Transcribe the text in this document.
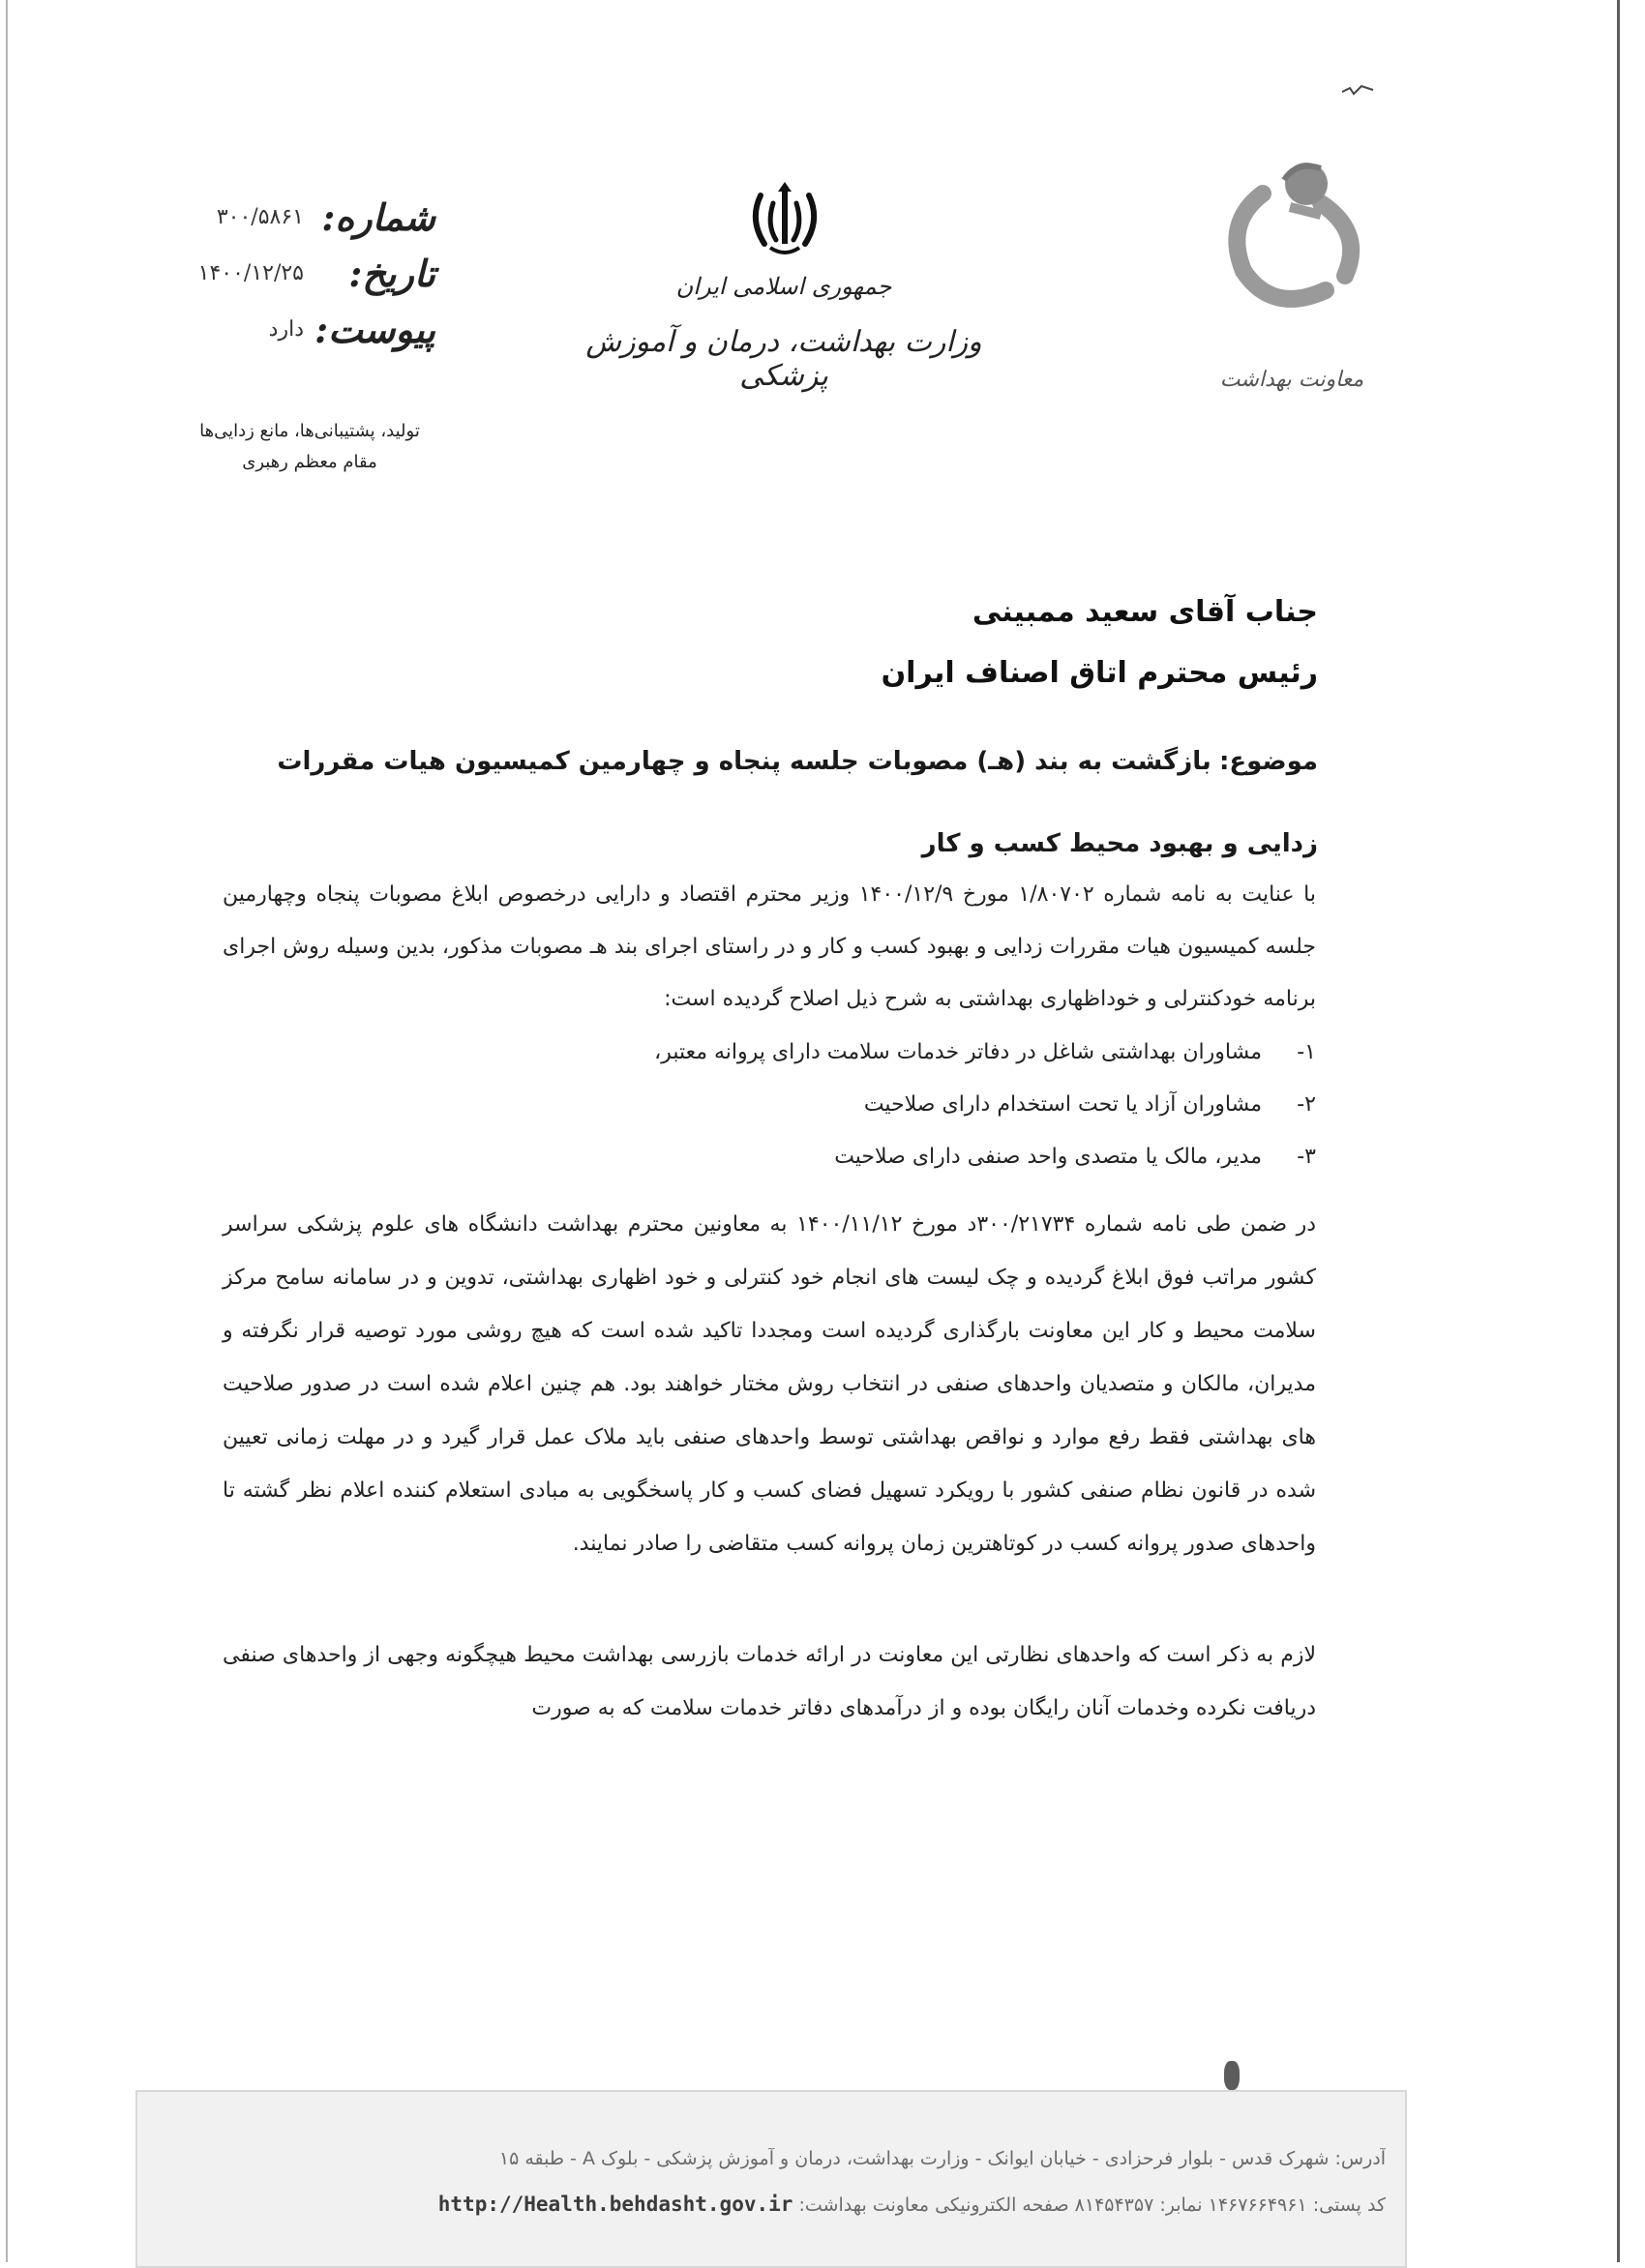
شماره:
۳۰۰/۵۸۶۱
تاریخ:
۱۴۰۰/۱۲/۲۵
پیوست:
دارد
تولید، پشتیبانی‌ها، مانع زدایی‌ها
مقام معظم رهبری
جمهوری اسلامی ایران
وزارت بهداشت، درمان و آموزش پزشکی	معاونت بهداشت
جناب آقای سعید ممبینی
رئیس محترم اتاق اصناف ایران
موضوع: بازگشت به بند (هـ) مصوبات جلسه پنجاه و چهارمین کمیسیون هیات مقررات زدایی و بهبود محیط کسب و کار
با عنایت به نامه شماره ۱/۸۰۷۰۲ مورخ ۱۴۰۰/۱۲/۹ وزیر محترم اقتصاد و دارایی درخصوص ابلاغ مصوبات پنجاه وچهارمین جلسه کمیسیون هیات مقررات زدایی و بهبود کسب و کار و در راستای اجرای بند هـ مصوبات مذکور، بدین وسیله روش اجرای برنامه خودکنترلی و خوداظهاری بهداشتی به شرح ذیل اصلاح گردیده است:
۱-
مشاوران بهداشتی شاغل در دفاتر خدمات سلامت دارای پروانه معتبر،
۲-
مشاوران آزاد یا تحت استخدام دارای صلاحیت
۳-
مدیر، مالک یا متصدی واحد صنفی دارای صلاحیت
در ضمن طی نامه شماره ۳۰۰/۲۱۷۳۴د مورخ ۱۴۰۰/۱۱/۱۲ به معاونین محترم بهداشت دانشگاه های علوم پزشکی سراسر کشور مراتب فوق ابلاغ گردیده و چک لیست های انجام خود کنترلی و خود اظهاری بهداشتی، تدوین و در سامانه سامح مرکز سلامت محیط و کار این معاونت بارگذاری گردیده است ومجددا تاکید شده است که هیچ روشی مورد توصیه قرار نگرفته و مدیران، مالکان و متصدیان واحدهای صنفی در انتخاب روش مختار خواهند بود. هم چنین اعلام شده است در صدور صلاحیت های بهداشتی فقط رفع موارد و نواقص بهداشتی توسط واحدهای صنفی باید ملاک عمل قرار گیرد و در مهلت زمانی تعیین شده در قانون نظام صنفی کشور با رویکرد تسهیل فضای کسب و کار پاسخگویی به مبادی استعلام کننده اعلام نظر گشته تا واحدهای صدور پروانه کسب در کوتاهترین زمان پروانه کسب متقاضی را صادر نمایند.
لازم به ذکر است که واحدهای نظارتی این معاونت در ارائه خدمات بازرسی بهداشت محیط هیچگونه وجهی از واحدهای صنفی دریافت نکرده وخدمات آنان رایگان بوده و از درآمدهای دفاتر خدمات سلامت که به صورت
آدرس: شهرک قدس - بلوار فرحزادی - خیابان ایوانک - وزارت بهداشت، درمان و آموزش پزشکی - بلوک A - طبقه ۱۵
کد پستی: ۱۴۶۷۶۶۴۹۶۱ نمابر: ۸۱۴۵۴۳۵۷ صفحه الکترونیکی معاونت بهداشت: http://Health.behdasht.gov.ir
